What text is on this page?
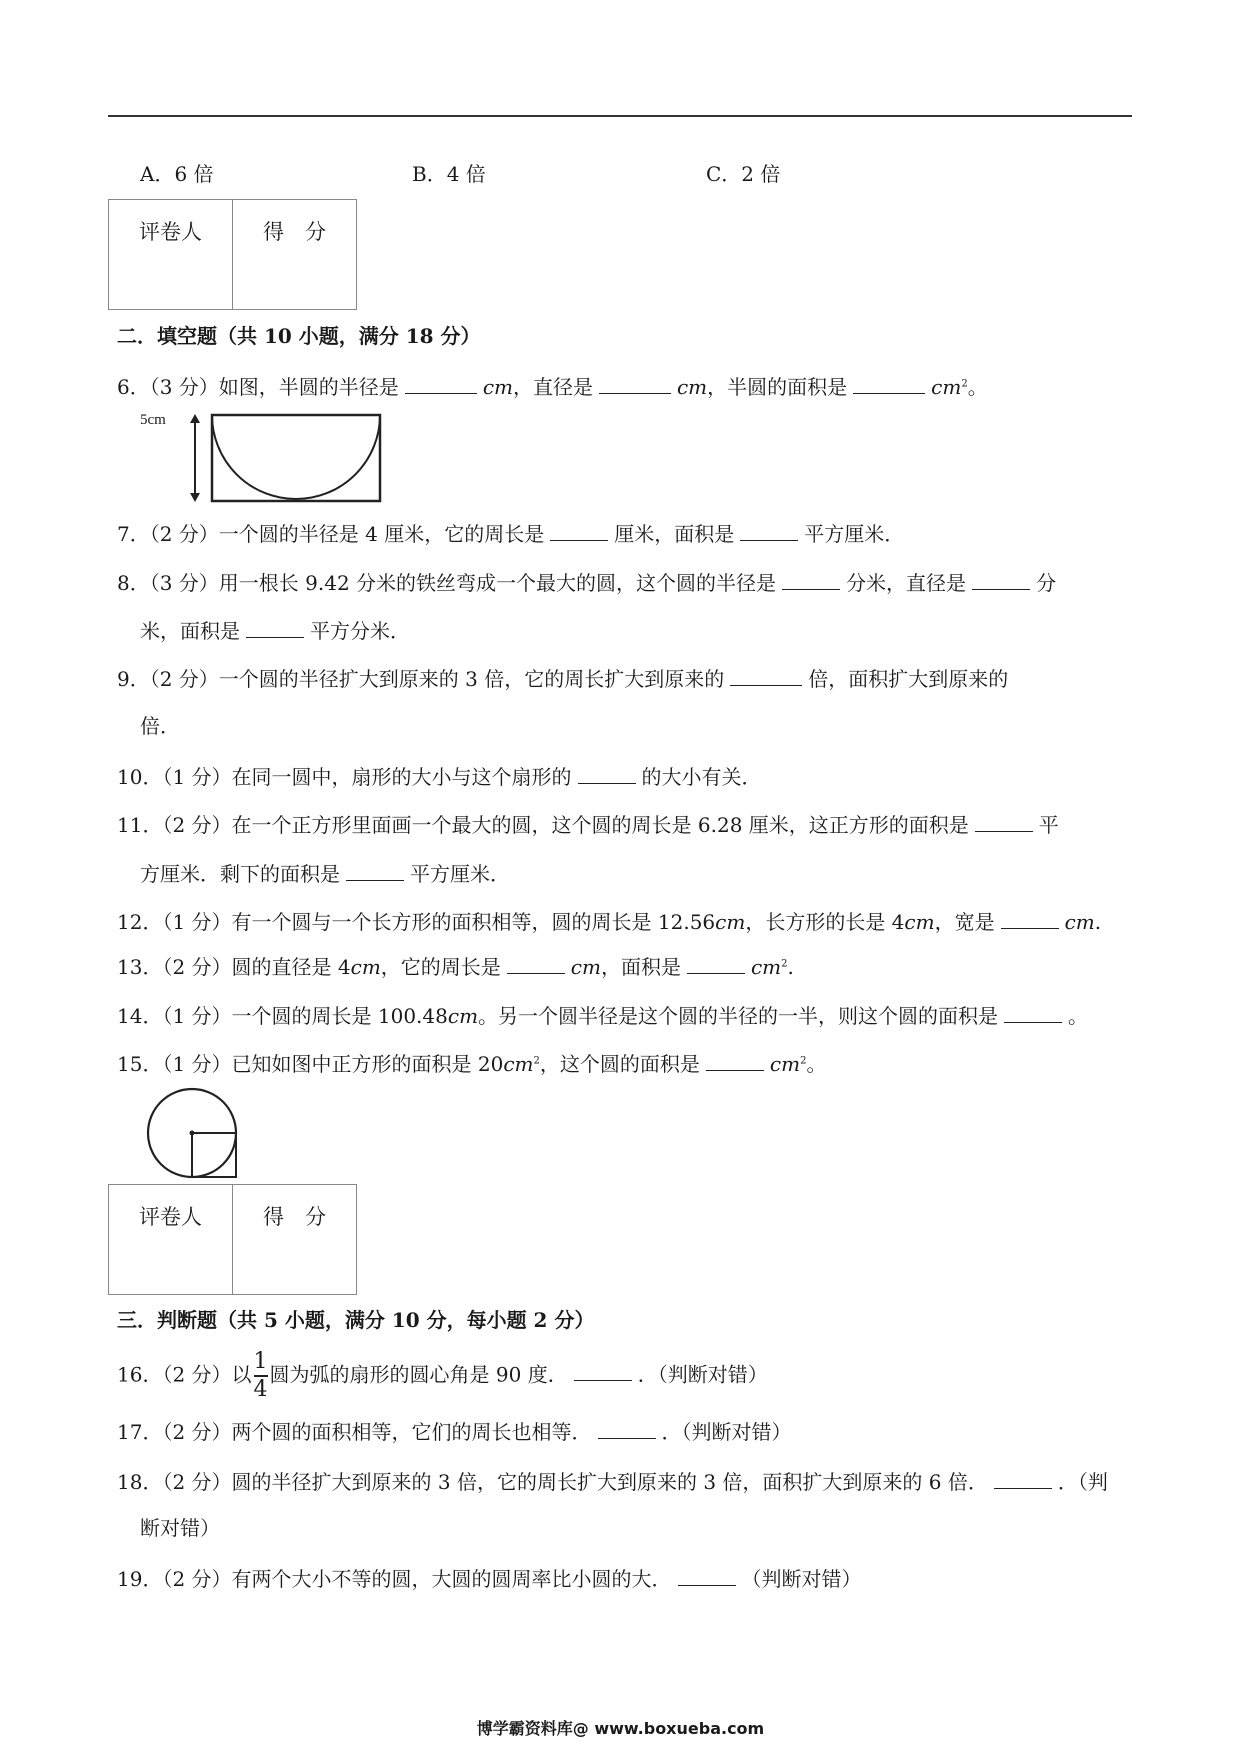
A．6 倍	B．4 倍	C．2 倍
评卷人	得　分
二．填空题（共 10 小题，满分 18 分）
6．（3 分）如图，半圆的半径是	cm，直径是	cm，半圆的面积是	$cm^2$。
5cm
7．（2 分）一个圆的半径是 4 厘米，它的周长是	厘米，面积是	平方厘米．
8．（3 分）用一根长 9.42 分米的铁丝弯成一个最大的圆，这个圆的半径是	分米，直径是	分
米，面积是	平方分米．
9．（2 分）一个圆的半径扩大到原来的 3 倍，它的周长扩大到原来的	倍，面积扩大到原来的
倍．
10．（1 分）在同一圆中，扇形的大小与这个扇形的	的大小有关．
11．（2 分）在一个正方形里面画一个最大的圆，这个圆的周长是 6.28 厘米，这正方形的面积是	平
方厘米．剩下的面积是	平方厘米．
12．（1 分）有一个圆与一个长方形的面积相等，圆的周长是 12.56cm，长方形的长是 4cm，宽是	cm.
13．（2 分）圆的直径是 4cm，它的周长是	cm，面积是	$cm^2$.
14．（1 分）一个圆的周长是 100.48cm。另一个圆半径是这个圆的半径的一半，则这个圆的面积是	。
15．（1 分）已知如图中正方形的面积是 $20cm^2$，这个圆的面积是	$cm^2$。
评卷人	得　分
三．判断题（共 5 小题，满分 10 分，每小题 2 分）
16．（2 分）以 $\frac{1}{4}$ 圆为弧的扇形的圆心角是 90 度．	．（判断对错）
17．（2 分）两个圆的面积相等，它们的周长也相等．	．（判断对错）
18．（2 分）圆的半径扩大到原来的 3 倍，它的周长扩大到原来的 3 倍，面积扩大到原来的 6 倍．	．（判
断对错）
19．（2 分）有两个大小不等的圆，大圆的圆周率比小圆的大．	（判断对错）
博学霸资料库@ www.boxueba.com
